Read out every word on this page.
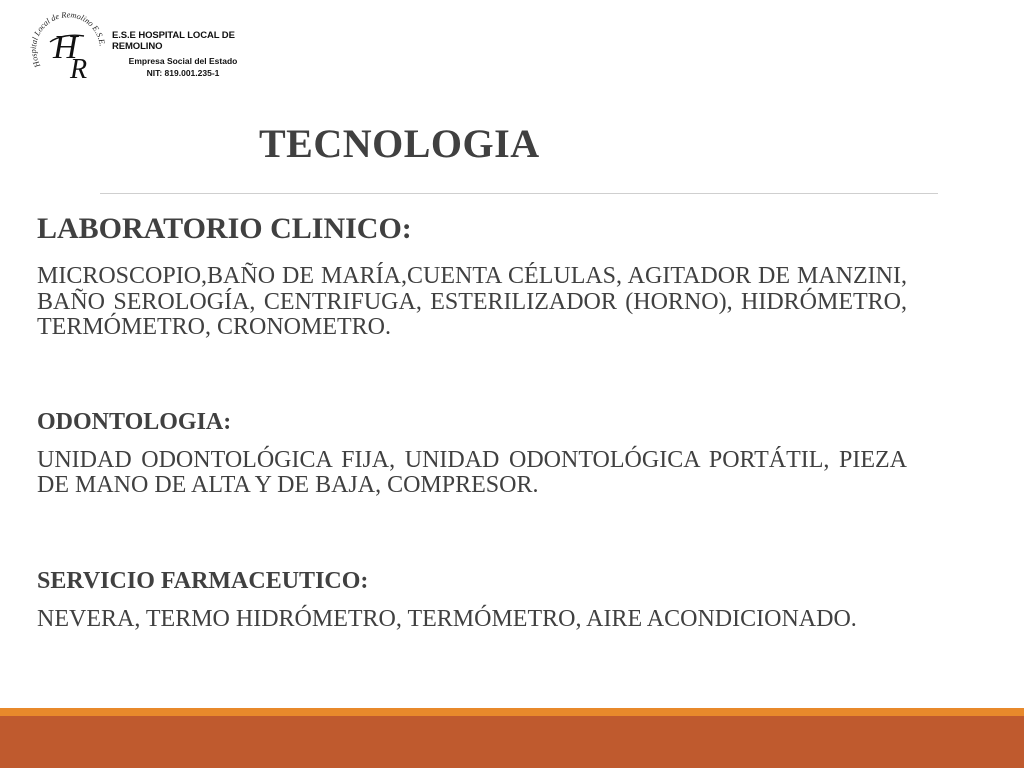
Hospital Local de Remolino E.S.E.
H
R
E.S.E HOSPITAL LOCAL DE REMOLINO
Empresa Social del Estado
NIT: 819.001.235-1
TECNOLOGIA

LABORATORIO CLINICO:

MICROSCOPIO,BAÑO DE MARÍA,CUENTA CÉLULAS, AGITADOR DE MANZINI, BAÑO SEROLOGÍA, CENTRIFUGA, ESTERILIZADOR (HORNO), HIDRÓMETRO, TERMÓMETRO, CRONOMETRO.

ODONTOLOGIA:

UNIDAD ODONTOLÓGICA FIJA, UNIDAD ODONTOLÓGICA PORTÁTIL, PIEZA DE MANO DE ALTA Y DE BAJA, COMPRESOR.

SERVICIO FARMACEUTICO:

NEVERA, TERMO HIDRÓMETRO, TERMÓMETRO, AIRE ACONDICIONADO.
